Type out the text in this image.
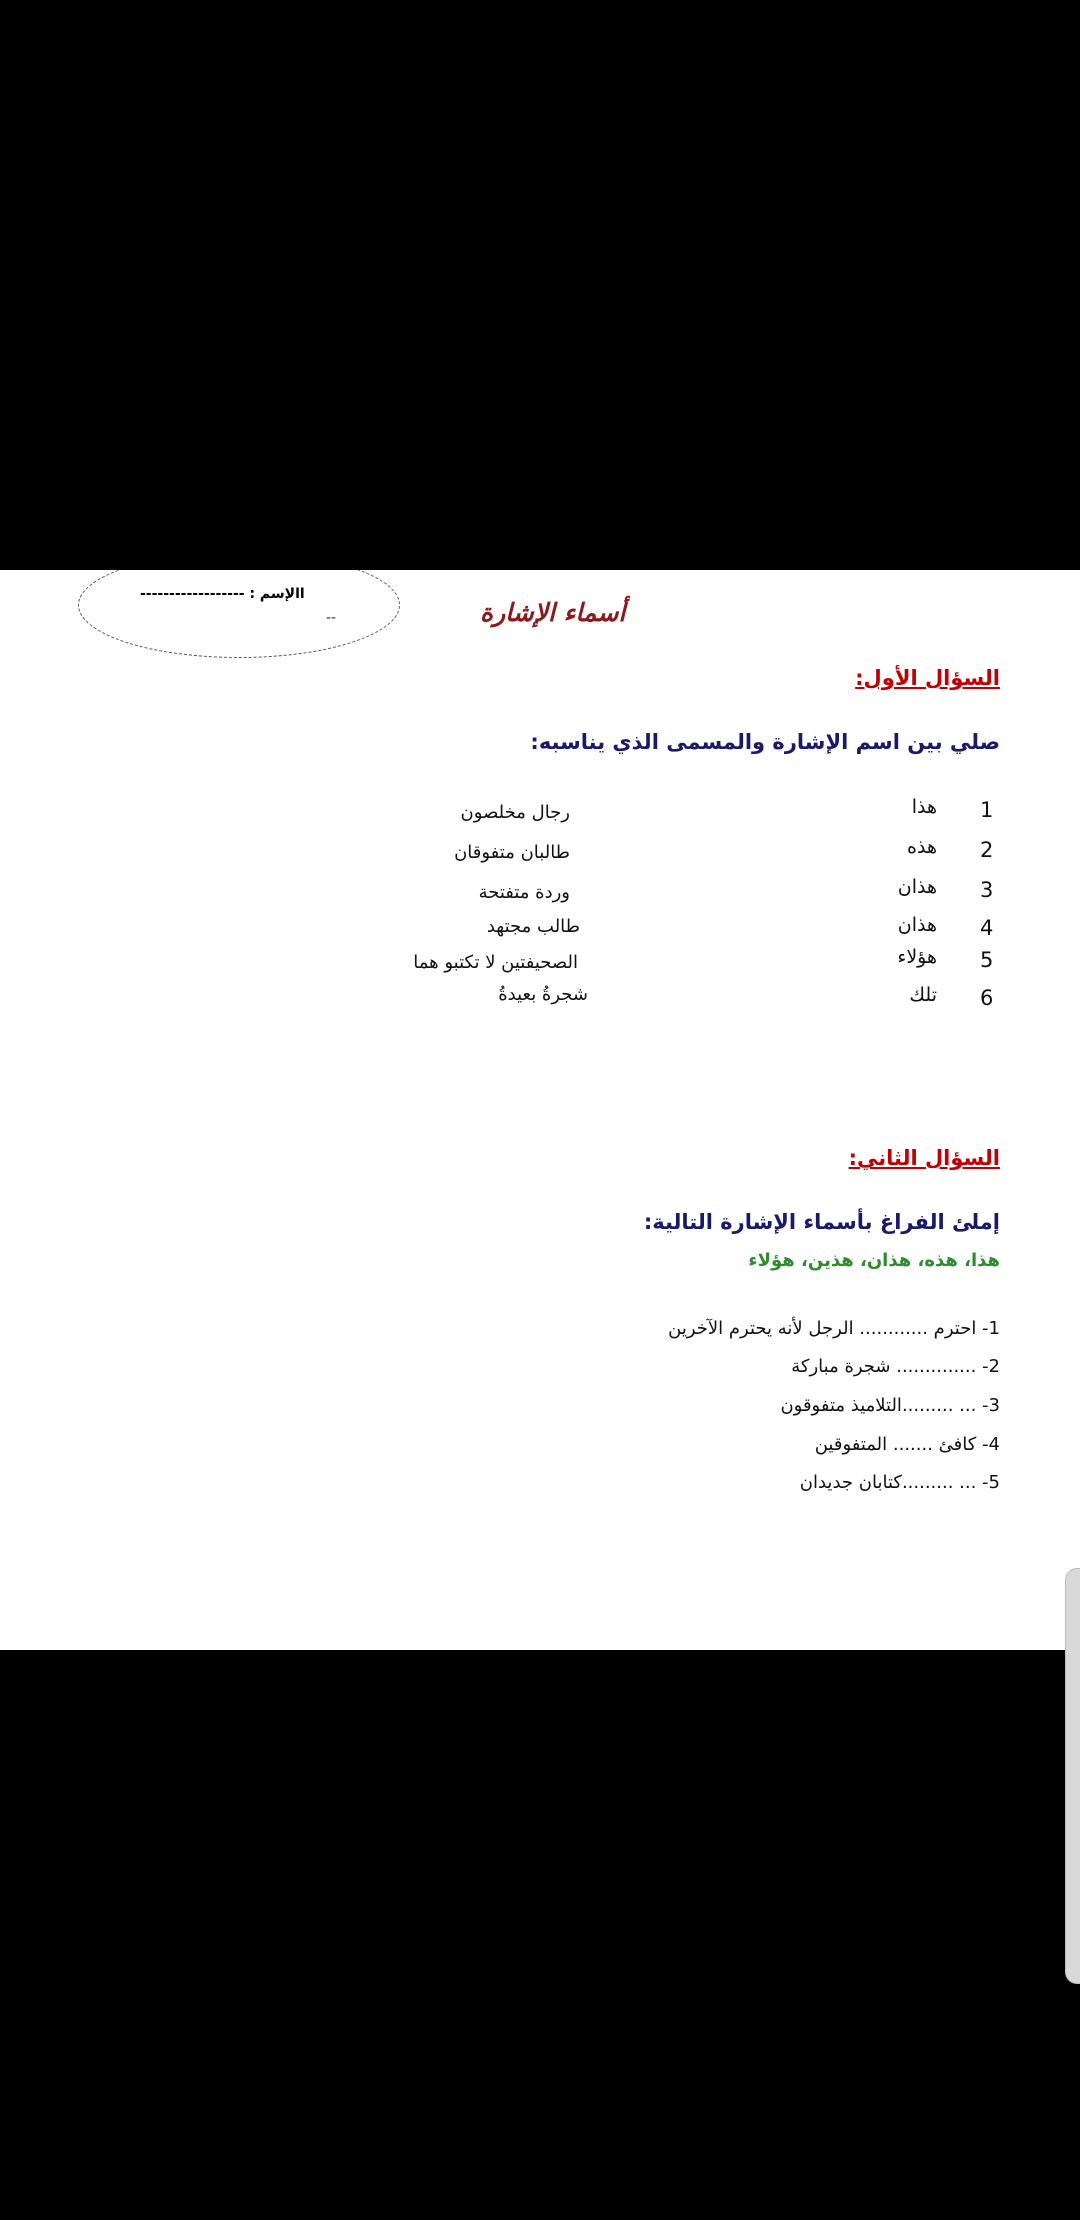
االإسم : ------------------
--	أسماء الإشارة
السؤال الأول:
صلي بين اسم الإشارة والمسمى الذي يناسبه:
1
هذا
رجال مخلصون
2
هذه
طالبان متفوقان
3
هذان
وردة متفتحة
4
هذان
طالب مجتهد
5
هؤلاء
الصحيفتين لا تكتبو هما
6
تلك
شجرةُ بعيدةُ
السؤال الثاني:
إملئ الفراغ بأسماء الإشارة التالية:
هذا، هذه، هذان، هذين، هؤلاء
1- احترم ............ الرجل لأنه يحترم الآخرين
2- .............. شجرة مباركة
3- ... .........التلاميذ متفوقون
4- كافئ ....... المتفوقين
5- ... .........كتابان جديدان
